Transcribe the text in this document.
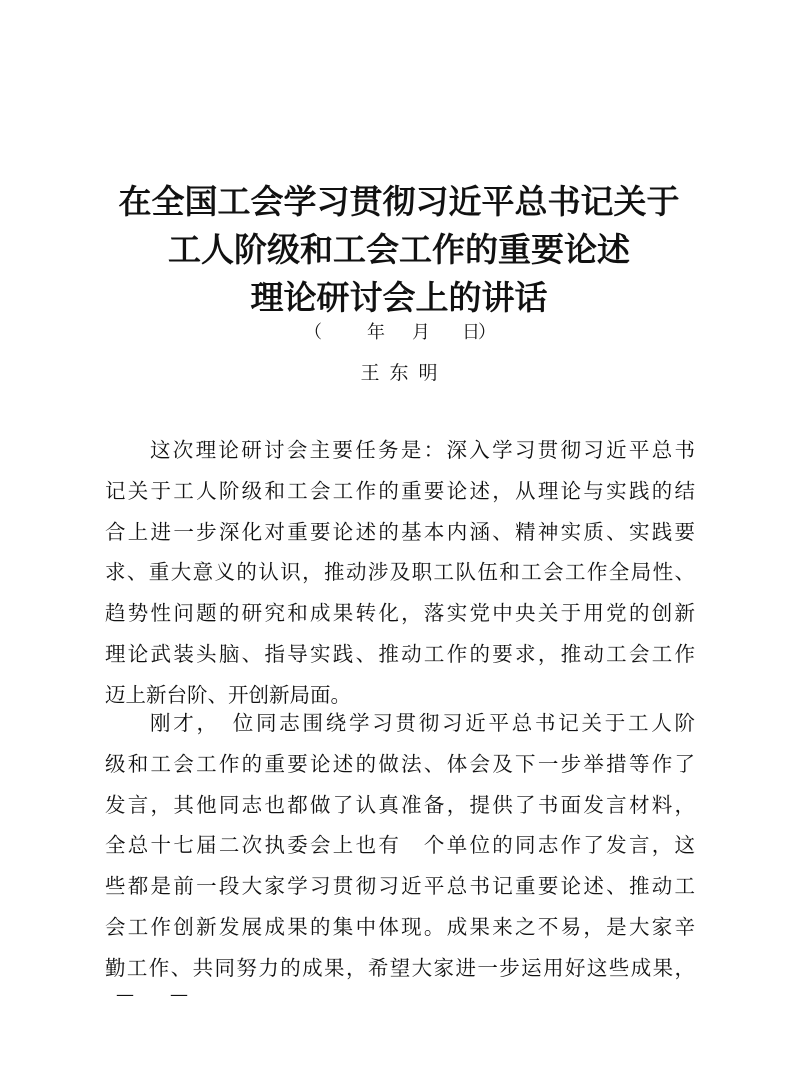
在全国工会学习贯彻习近平总书记关于
工人阶级和工会工作的重要论述
理论研讨会上的讲话
（	年 月 日
）
王东明
这次理论研讨会主要任务是：深入学习贯彻习近平总书
记关于工人阶级和工会工作的重要论述，从理论与实践的结
合上进一步深化对重要论述的基本内涵、精神实质、实践要
求、重大意义的认识，推动涉及职工队伍和工会工作全局性、
趋势性问题的研究和成果转化，落实党中央关于用党的创新
理论武装头脑、指导实践、推动工作的要求，推动工会工作
迈上新台阶、开创新局面。
刚才，　位同志围绕学习贯彻习近平总书记关于工人阶
级和工会工作的重要论述的做法、体会及下一步举措等作了
发言，其他同志也都做了认真准备，提供了书面发言材料，
全总十七届二次执委会上也有　个单位的同志作了发言，这
些都是前一段大家学习贯彻习近平总书记重要论述、推动工
会工作创新发展成果的集中体现。成果来之不易，是大家辛
勤工作、共同努力的成果，希望大家进一步运用好这些成果，
—　　—
